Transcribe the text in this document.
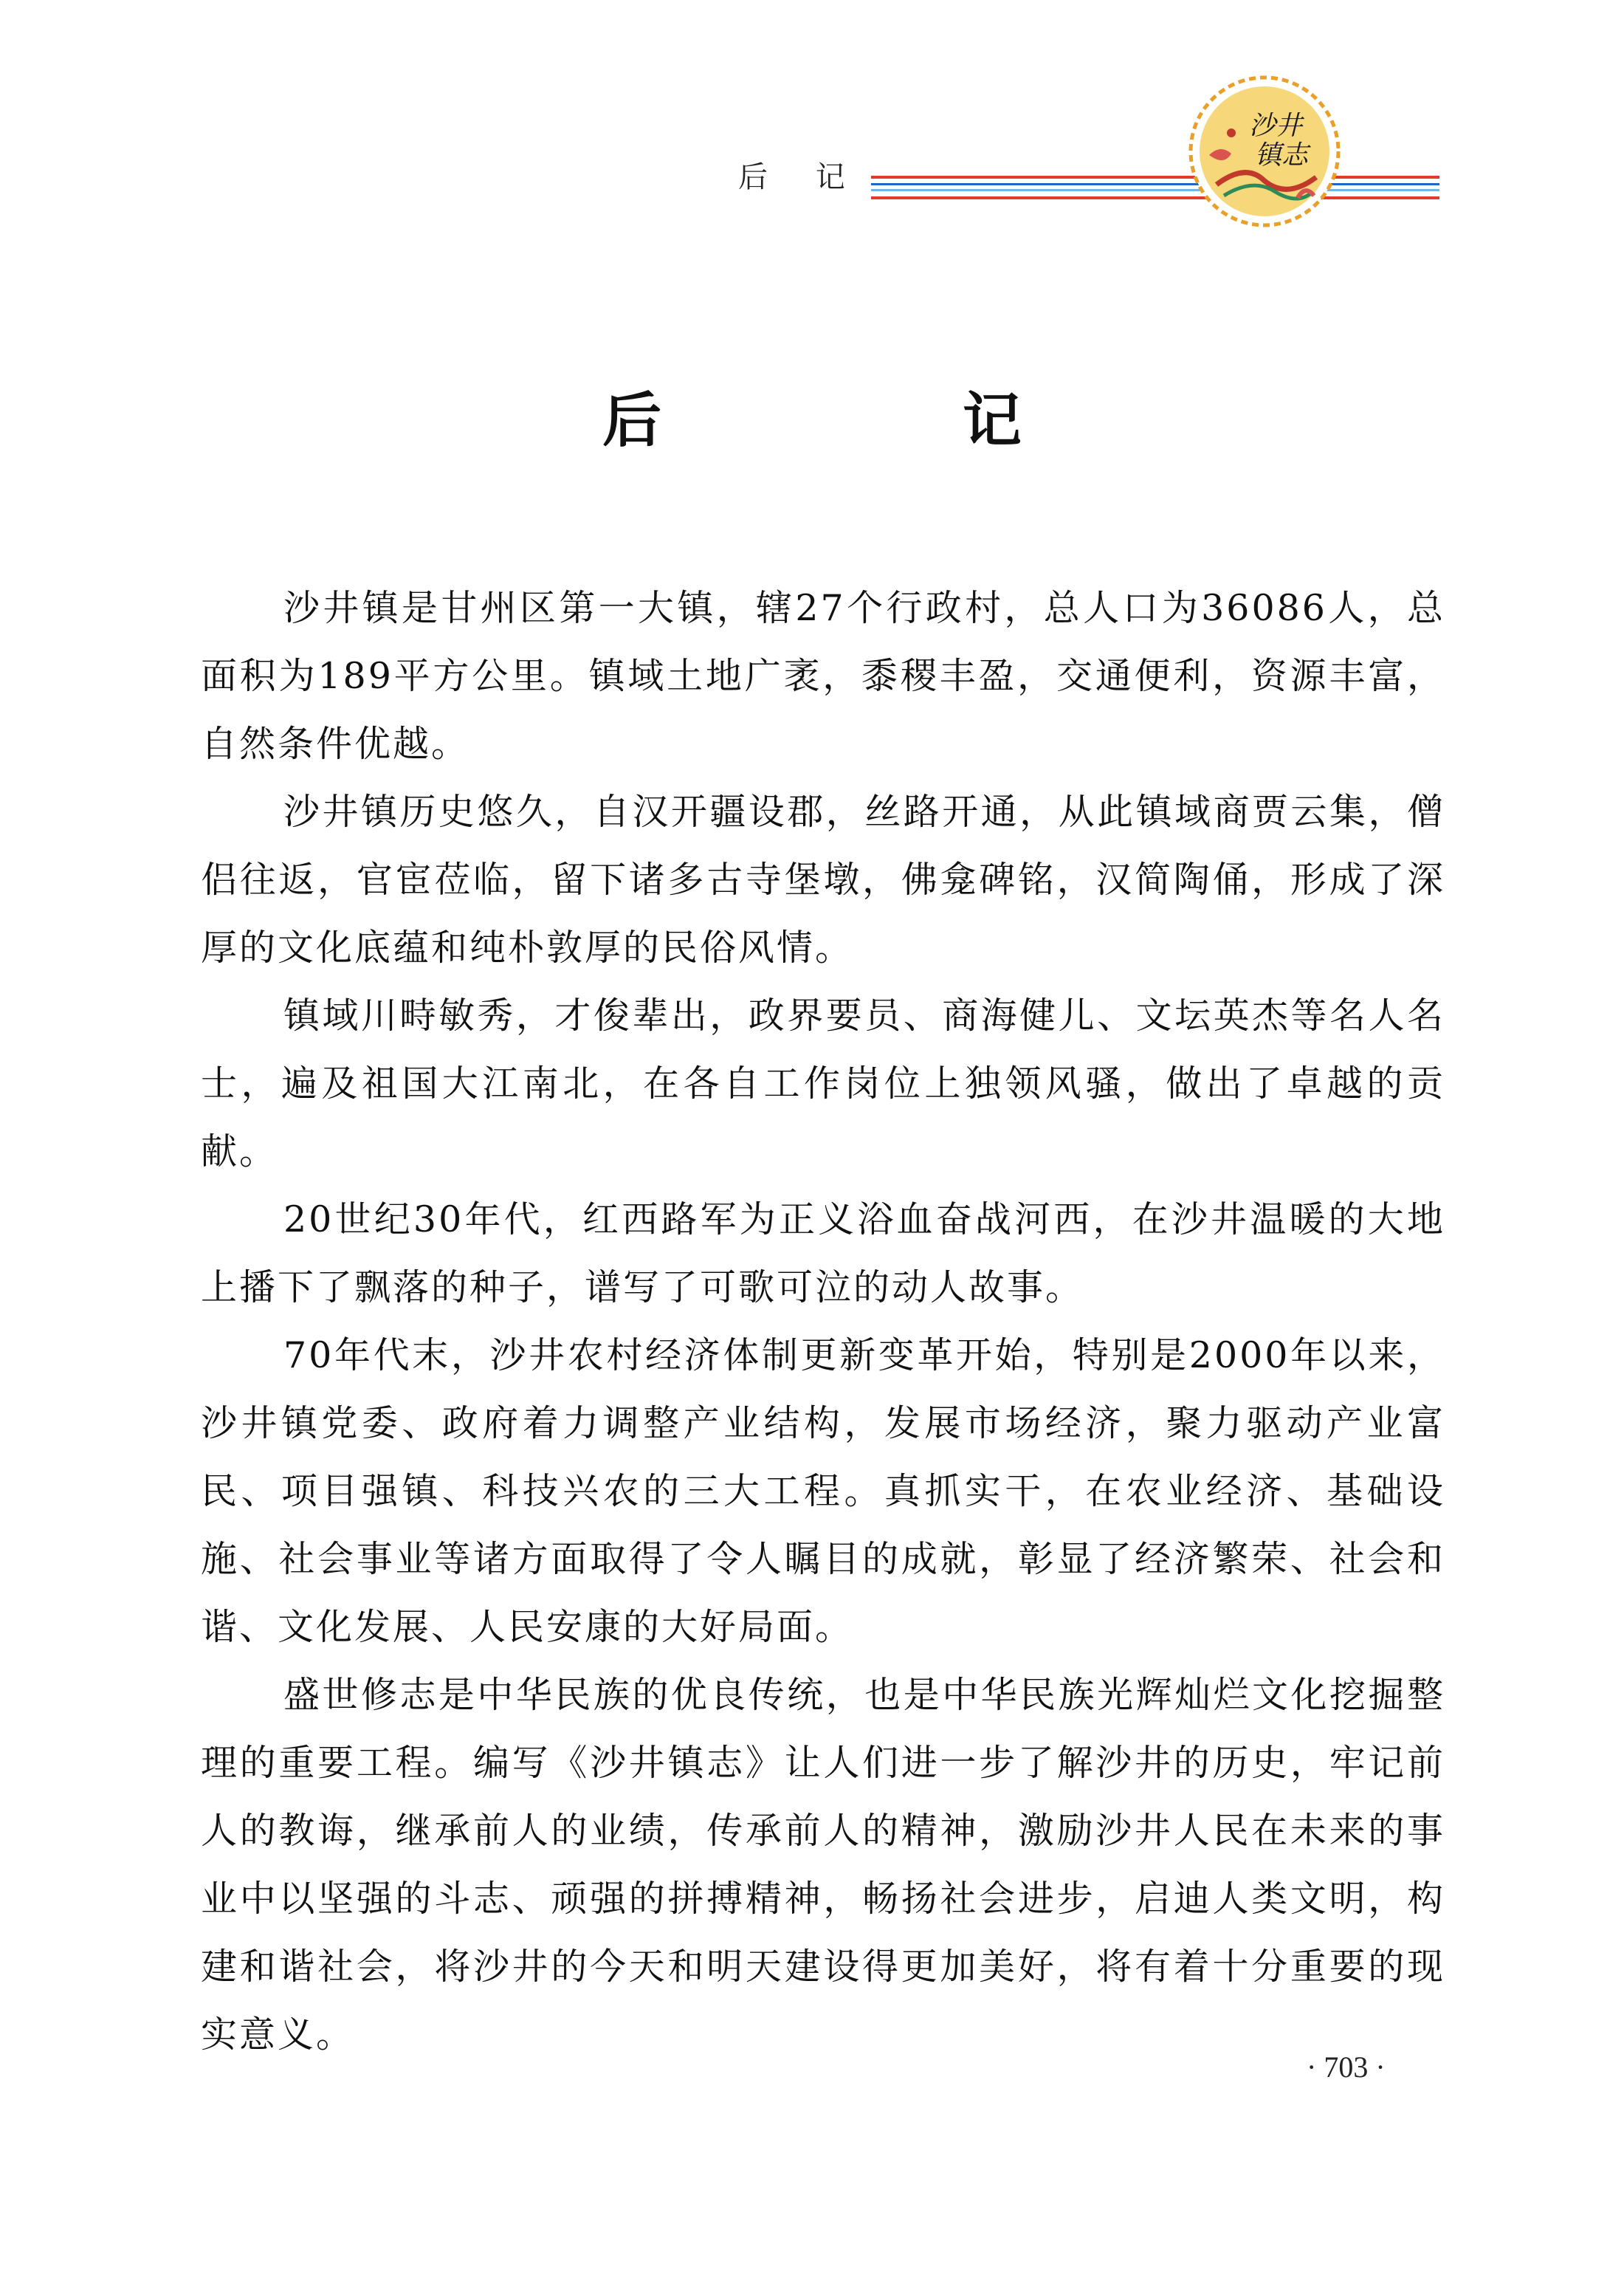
后 记
沙井
镇志
后 记

沙井镇是甘州区第一大镇，辖27个行政村，总人口为36086人，总面积为189平方公里。镇域土地广袤，黍稷丰盈，交通便利，资源丰富，自然条件优越。

沙井镇历史悠久，自汉开疆设郡，丝路开通，从此镇域商贾云集，僧侣往返，官宦莅临，留下诸多古寺堡墩，佛龛碑铭，汉简陶俑，形成了深厚的文化底蕴和纯朴敦厚的民俗风情。

镇域川畤敏秀，才俊辈出，政界要员、商海健儿、文坛英杰等名人名士，遍及祖国大江南北，在各自工作岗位上独领风骚，做出了卓越的贡献。

20世纪30年代，红西路军为正义浴血奋战河西，在沙井温暖的大地上播下了飘落的种子，谱写了可歌可泣的动人故事。

70年代末，沙井农村经济体制更新变革开始，特别是2000年以来，沙井镇党委、政府着力调整产业结构，发展市场经济，聚力驱动产业富民、项目强镇、科技兴农的三大工程。真抓实干，在农业经济、基础设施、社会事业等诸方面取得了令人瞩目的成就，彰显了经济繁荣、社会和谐、文化发展、人民安康的大好局面。

盛世修志是中华民族的优良传统，也是中华民族光辉灿烂文化挖掘整理的重要工程。编写《沙井镇志》让人们进一步了解沙井的历史，牢记前人的教诲，继承前人的业绩，传承前人的精神，激励沙井人民在未来的事业中以坚强的斗志、顽强的拼搏精神，畅扬社会进步，启迪人类文明，构建和谐社会，将沙井的今天和明天建设得更加美好，将有着十分重要的现实意义。

· 703 ·
